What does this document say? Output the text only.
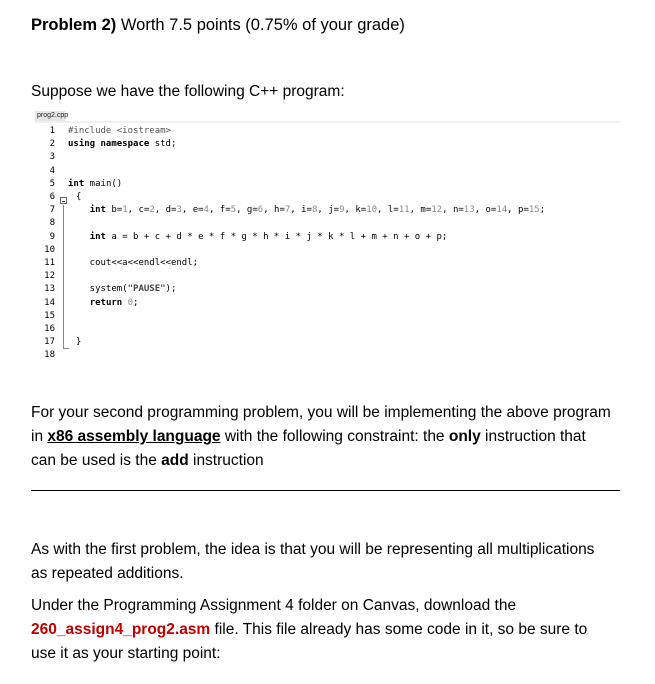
Problem 2) Worth 7.5 points (0.75% of your grade)
Suppose we have the following C++ program:
prog2.cpp
1
2
3
4
5
6
7
8
9
10
11
12
13
14
15
16
17
18
#include <iostream>
using namespace std;
int main()
{
int b=1, c=2, d=3, e=4, f=5, g=6, h=7, i=8, j=9, k=10, l=11, m=12, n=13, o=14, p=15;
int a = b + c + d * e * f * g * h * i * j * k * l + m + n + o + p;
cout<<a<<endl<<endl;
system("PAUSE");
return 0;
}
For your second programming problem, you will be implementing the above program in x86 assembly language with the following constraint: the only instruction that can be used is the add instruction
As with the first problem, the idea is that you will be representing all multiplications as repeated additions.
Under the Programming Assignment 4 folder on Canvas, download the 260_assign4_prog2.asm file. This file already has some code in it, so be sure to use it as your starting point:
